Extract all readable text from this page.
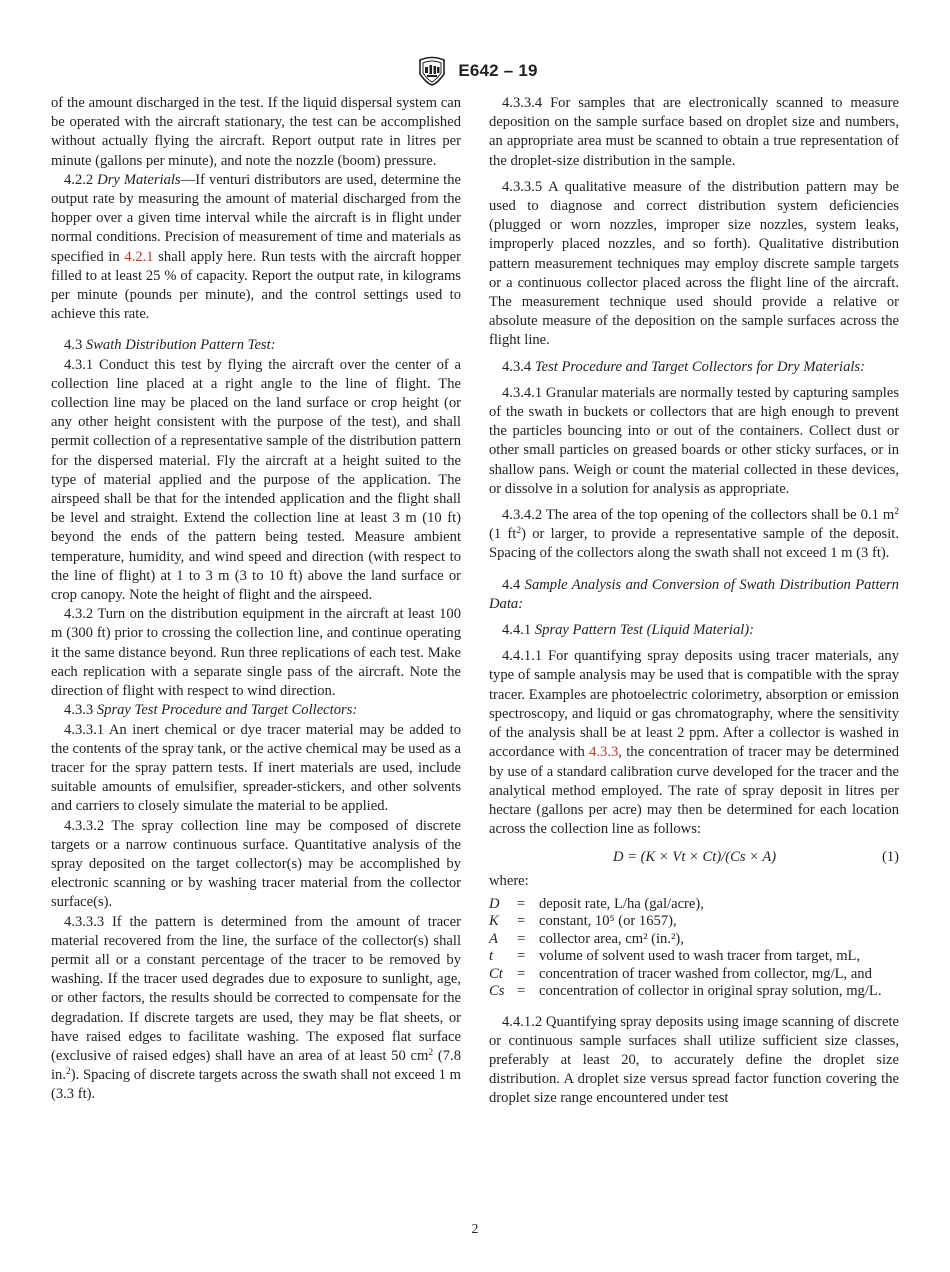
E642 – 19

of the amount discharged in the test. If the liquid dispersal system can be operated with the aircraft stationary, the test can be accomplished without actually flying the aircraft. Report output rate in litres per minute (gallons per minute), and note the nozzle (boom) pressure.

4.2.2 Dry Materials—If venturi distributors are used, determine the output rate by measuring the amount of material discharged from the hopper over a given time interval while the aircraft is in flight under normal conditions. Precision of measurement of time and materials as specified in 4.2.1 shall apply here. Run tests with the aircraft hopper filled to at least 25 % of capacity. Report the output rate, in kilograms per minute (pounds per minute), and the control settings used to achieve this rate.

4.3 Swath Distribution Pattern Test:

4.3.1 Conduct this test by flying the aircraft over the center of a collection line placed at a right angle to the line of flight. The collection line may be placed on the land surface or crop height (or any other height consistent with the purpose of the test), and shall permit collection of a representative sample of the distribution pattern for the dispersed material. Fly the aircraft at a height suited to the type of material applied and the purpose of the application. The airspeed shall be that for the intended application and the flight shall be level and straight. Extend the collection line at least 3 m (10 ft) beyond the ends of the pattern being tested. Measure ambient temperature, humidity, and wind speed and direction (with respect to the line of flight) at 1 to 3 m (3 to 10 ft) above the land surface or crop canopy. Note the height of flight and the airspeed.

4.3.2 Turn on the distribution equipment in the aircraft at least 100 m (300 ft) prior to crossing the collection line, and continue operating it the same distance beyond. Run three replications of each test. Make each replication with a separate single pass of the aircraft. Note the direction of flight with respect to wind direction.

4.3.3 Spray Test Procedure and Target Collectors:

4.3.3.1 An inert chemical or dye tracer material may be added to the contents of the spray tank, or the active chemical may be used as a tracer for the spray pattern tests. If inert materials are used, include suitable amounts of emulsifier, spreader-stickers, and other solvents and carriers to closely simulate the material to be applied.

4.3.3.2 The spray collection line may be composed of discrete targets or a narrow continuous surface. Quantitative analysis of the spray deposited on the target collector(s) may be accomplished by electronic scanning or by washing tracer material from the collector surface(s).

4.3.3.3 If the pattern is determined from the amount of tracer material recovered from the line, the surface of the collector(s) shall permit all or a constant percentage of the tracer to be removed by washing. If the tracer used degrades due to exposure to sunlight, age, or other factors, the results should be corrected to compensate for the degradation. If discrete targets are used, they may be flat sheets, or have raised edges to facilitate washing. The exposed flat surface (exclusive of raised edges) shall have an area of at least 50 $cm^2$ (7.8 in.$^2$). Spacing of discrete targets across the swath shall not exceed 1 m (3.3 ft).

4.3.3.4 For samples that are electronically scanned to measure deposition on the sample surface based on droplet size and numbers, an appropriate area must be scanned to obtain a true representation of the droplet-size distribution in the sample.

4.3.3.5 A qualitative measure of the distribution pattern may be used to diagnose and correct distribution system deficiencies (plugged or worn nozzles, improper size nozzles, system leaks, improperly placed nozzles, and so forth). Qualitative distribution pattern measurement techniques may employ discrete sample targets or a continuous collector placed across the flight line of the aircraft. The measurement technique used should provide a relative or absolute measure of the deposition on the sample surfaces across the flight line.

4.3.4 Test Procedure and Target Collectors for Dry Materials:

4.3.4.1 Granular materials are normally tested by capturing samples of the swath in buckets or collectors that are high enough to prevent the particles bouncing into or out of the containers. Collect dust or other small particles on greased boards or other sticky surfaces, or in shallow pans. Weigh or count the material collected in these devices, or dissolve in a solution for analysis as appropriate.

4.3.4.2 The area of the top opening of the collectors shall be 0.1 $m^2$ (1 $ft^2$) or larger, to provide a representative sample of the deposit. Spacing of the collectors along the swath shall not exceed 1 m (3 ft).

4.4 Sample Analysis and Conversion of Swath Distribution Pattern Data:

4.4.1 Spray Pattern Test (Liquid Material):

4.4.1.1 For quantifying spray deposits using tracer materials, any type of sample analysis may be used that is compatible with the spray tracer. Examples are photoelectric colorimetry, absorption or emission spectroscopy, and liquid or gas chromatography, where the sensitivity of the analysis shall be at least 2 ppm. After a collector is washed in accordance with 4.3.3, the concentration of tracer may be determined by use of a standard calibration curve developed for the tracer and the analytical method employed. The rate of spray deposit in litres per hectare (gallons per acre) may then be determined for each location across the collection line as follows:

D = (K × Vt × Ct)/(Cs × A)	(1)

where:

D	= deposit rate, L/ha (gal/acre),
K	= constant, 10⁵ (or 1657),
A	= collector area, cm² (in.²),
t	= volume of solvent used to wash tracer from target, mL,
Ct = concentration of tracer washed from collector, mg/L, and
Cs = concentration of collector in original spray solution, mg/L.

4.4.1.2 Quantifying spray deposits using image scanning of discrete or continuous sample surfaces shall utilize sufficient size classes, preferably at least 20, to accurately define the droplet size distribution. A droplet size versus spread factor function covering the droplet size range encountered under test

2
